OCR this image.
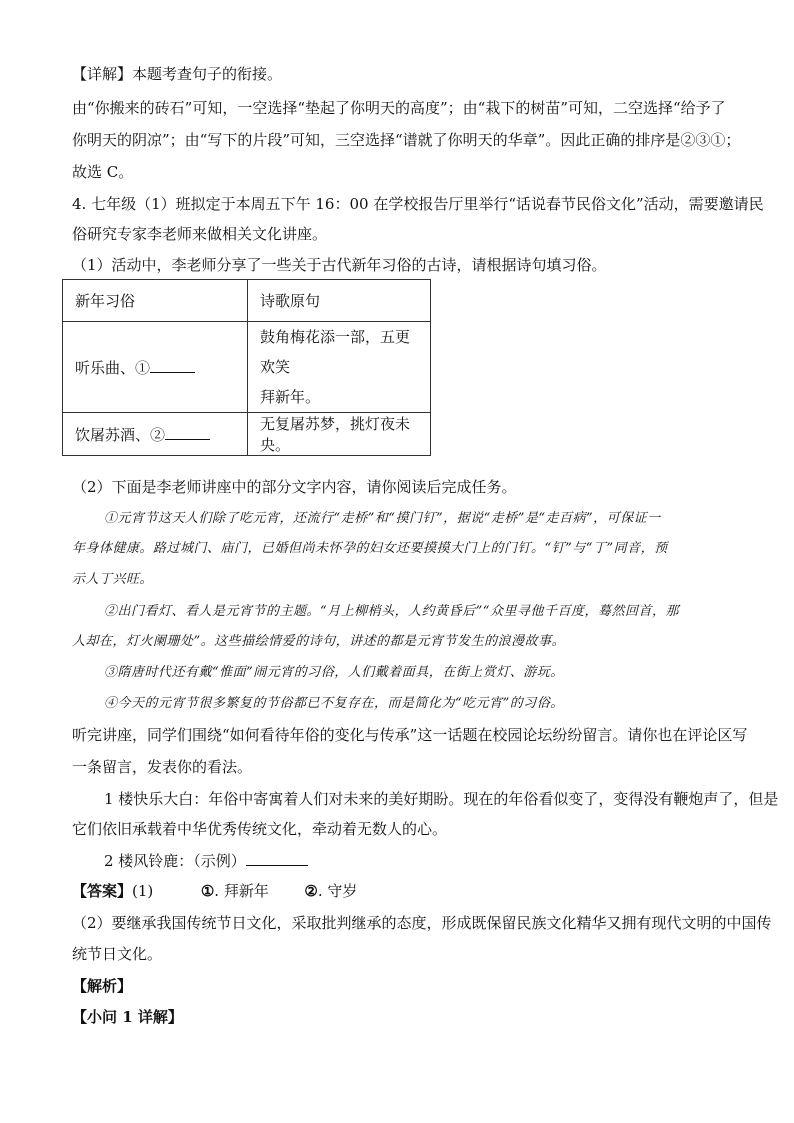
【详解】本题考查句子的衔接。
由“你搬来的砖石”可知，一空选择“垫起了你明天的高度”；由“栽下的树苗”可知，二空选择“给予了
你明天的阴凉”；由“写下的片段”可知，三空选择“谱就了你明天的华章”。因此正确的排序是②③①；
故选 C。
4. 七年级（1）班拟定于本周五下午 16：00 在学校报告厅里举行“话说春节民俗文化”活动，需要邀请民
俗研究专家李老师来做相关文化讲座。
（1）活动中，李老师分享了一些关于古代新年习俗的古诗，请根据诗句填习俗。
新年习俗	诗歌原句
听乐曲、①	鼓角梅花添一部，五更欢笑
拜新年。

饮屠苏酒、②	无复屠苏梦，挑灯夜未央。
（2）下面是李老师讲座中的部分文字内容，请你阅读后完成任务。
①元宵节这天人们除了吃元宵，还流行“走桥”和“摸门钉”，据说“走桥”是“走百病”，可保证一
年身体健康。路过城门、庙门，已婚但尚未怀孕的妇女还要摸摸大门上的门钉。“钉”与“丁”同音，预
示人丁兴旺。
②出门看灯、看人是元宵节的主题。“月上柳梢头，人约黄昏后”“众里寻他千百度，蓦然回首，那
人却在，灯火阑珊处”。这些描绘情爱的诗句，讲述的都是元宵节发生的浪漫故事。
③隋唐时代还有戴“惟面”闹元宵的习俗，人们戴着面具，在街上赏灯、游玩。
④今天的元宵节很多繁复的节俗都已不复存在，而是简化为“吃元宵”的习俗。
听完讲座，同学们围绕“如何看待年俗的变化与传承”这一话题在校园论坛纷纷留言。请你也在评论区写
一条留言，发表你的看法。
1 楼快乐大白：年俗中寄寓着人们对未来的美好期盼。现在的年俗看似变了，变得没有鞭炮声了，但是
它们依旧承载着中华优秀传统文化，牵动着无数人的心。
2 楼风铃鹿：（示例）
【答案】(1)	①. 拜新年 ②. 守岁
（2）要继承我国传统节日文化，采取批判继承的态度，形成既保留民族文化精华又拥有现代文明的中国传
统节日文化。
【解析】
【小问 1 详解】
